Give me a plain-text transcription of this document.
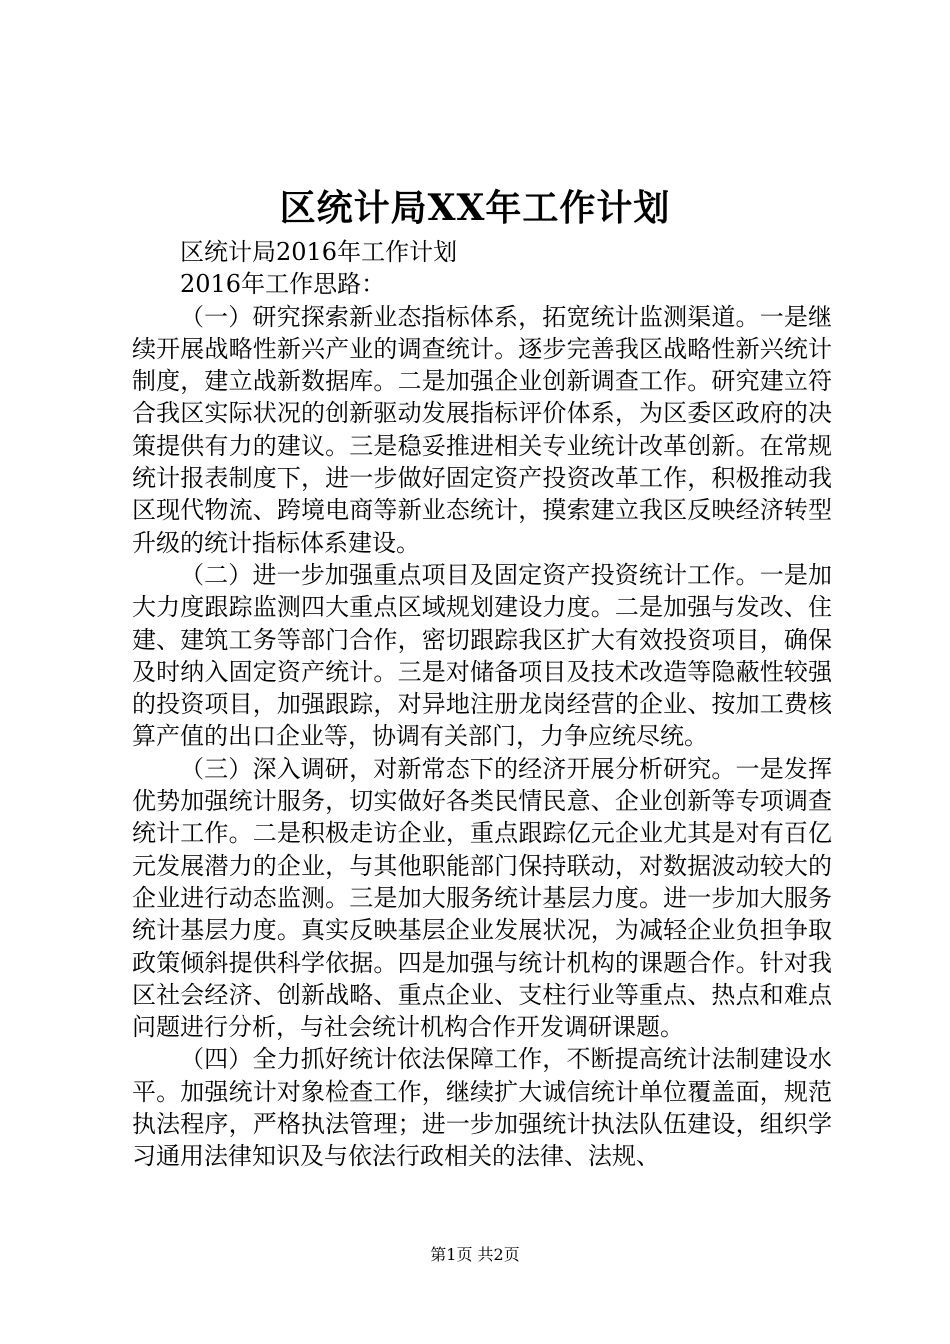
区统计局XX年工作计划

区统计局2016年工作计划

2016年工作思路：

（一）研究探索新业态指标体系，拓宽统计监测渠道。一是继续开展战略性新兴产业的调查统计。逐步完善我区战略性新兴统计制度，建立战新数据库。二是加强企业创新调查工作。研究建立符合我区实际状况的创新驱动发展指标评价体系，为区委区政府的决策提供有力的建议。三是稳妥推进相关专业统计改革创新。在常规统计报表制度下，进一步做好固定资产投资改革工作，积极推动我区现代物流、跨境电商等新业态统计，摸索建立我区反映经济转型升级的统计指标体系建设。

（二）进一步加强重点项目及固定资产投资统计工作。一是加大力度跟踪监测四大重点区域规划建设力度。二是加强与发改、住建、建筑工务等部门合作，密切跟踪我区扩大有效投资项目，确保及时纳入固定资产统计。三是对储备项目及技术改造等隐蔽性较强的投资项目，加强跟踪，对异地注册龙岗经营的企业、按加工费核算产值的出口企业等，协调有关部门，力争应统尽统。

（三）深入调研，对新常态下的经济开展分析研究。一是发挥优势加强统计服务，切实做好各类民情民意、企业创新等专项调查统计工作。二是积极走访企业，重点跟踪亿元企业尤其是对有百亿元发展潜力的企业，与其他职能部门保持联动，对数据波动较大的企业进行动态监测。三是加大服务统计基层力度。进一步加大服务统计基层力度。真实反映基层企业发展状况，为减轻企业负担争取政策倾斜提供科学依据。四是加强与统计机构的课题合作。针对我区社会经济、创新战略、重点企业、支柱行业等重点、热点和难点问题进行分析，与社会统计机构合作开发调研课题。

（四）全力抓好统计依法保障工作，不断提高统计法制建设水平。加强统计对象检查工作，继续扩大诚信统计单位覆盖面，规范执法程序，严格执法管理；进一步加强统计执法队伍建设，组织学习通用法律知识及与依法行政相关的法律、法规、

第1页 共2页
